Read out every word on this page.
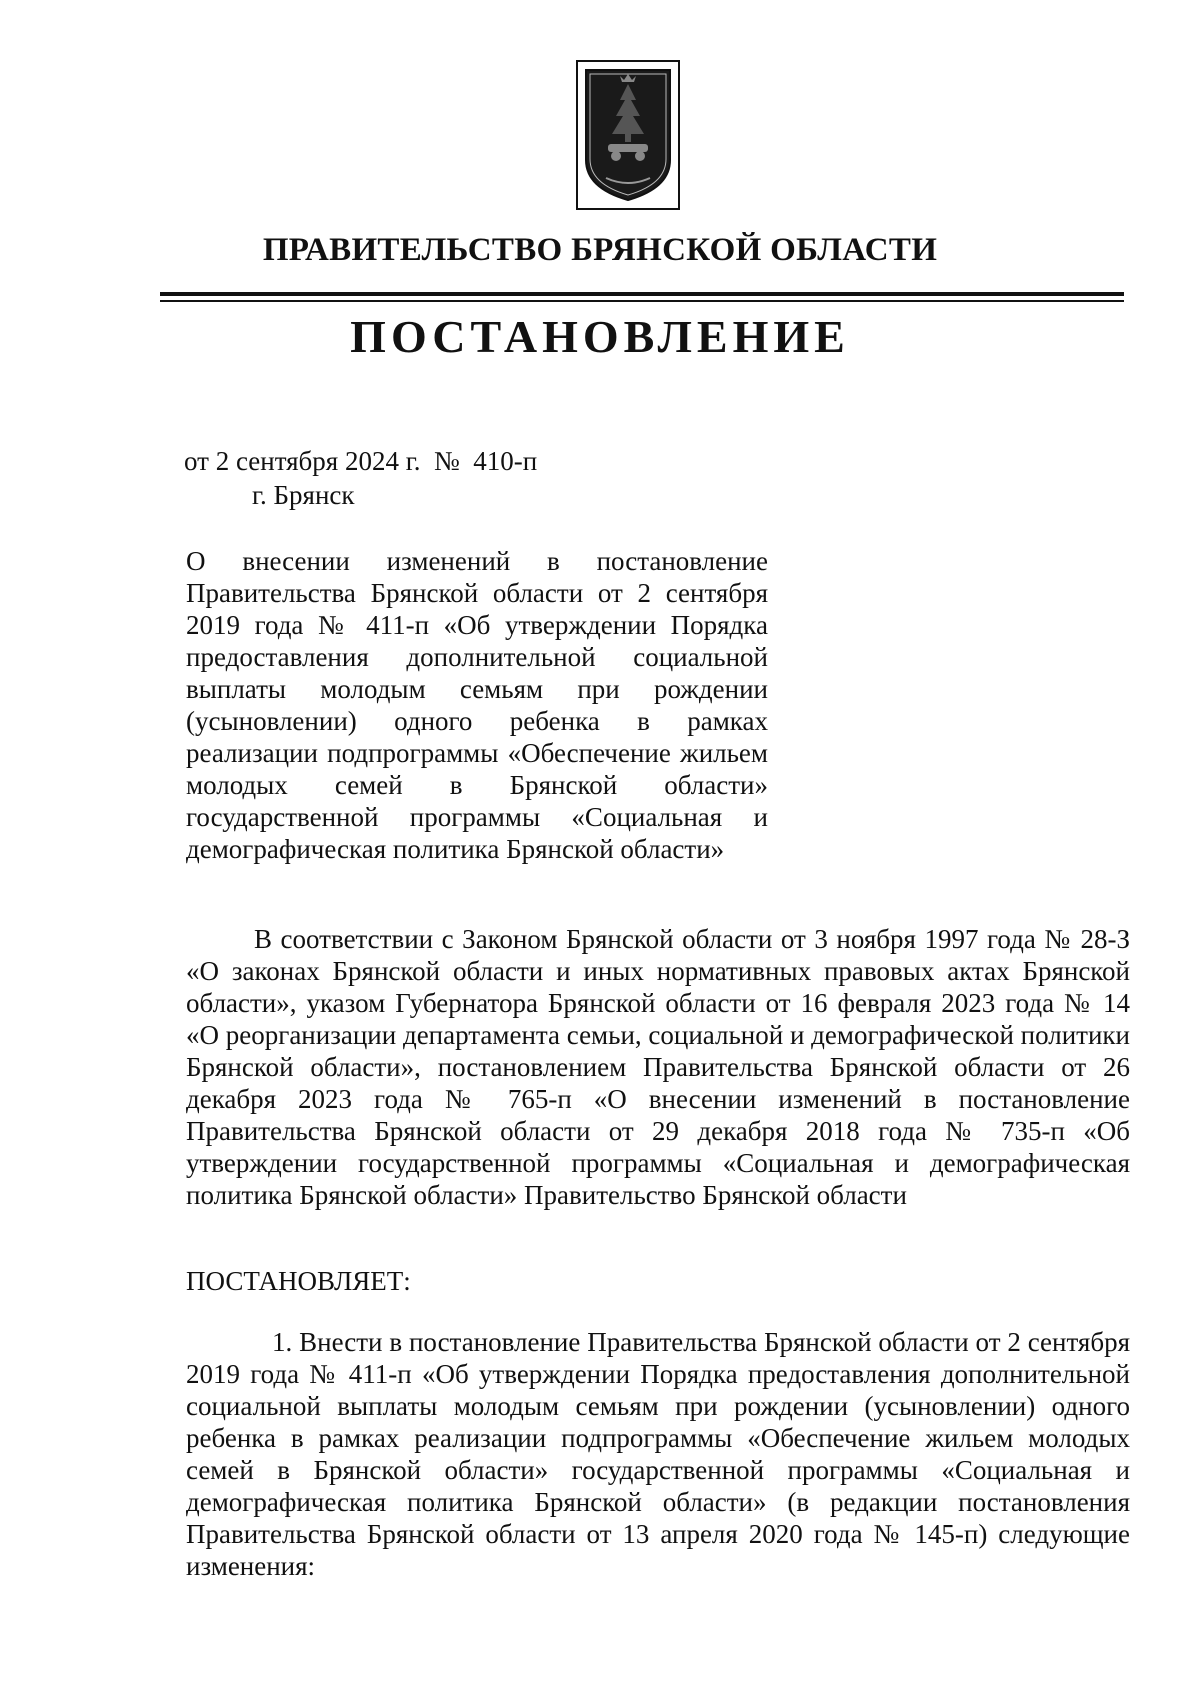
ПРАВИТЕЛЬСТВО БРЯНСКОЙ ОБЛАСТИ
ПОСТАНОВЛЕНИЕ
от 2 сентября 2024 г. № 410-п
г. Брянск
О внесении изменений в постановление Правительства Брянской области от 2 сентября 2019 года № 411-п «Об утверждении Порядка предоставления дополнительной социальной выплаты молодым семьям при рождении (усыновлении) одного ребенка в рамках реализации подпрограммы «Обеспечение жильем молодых семей в Брянской области» государственной программы «Социальная и демографическая политика Брянской области»
В соответствии с Законом Брянской области от 3 ноября 1997 года № 28-З «О законах Брянской области и иных нормативных правовых актах Брянской области», указом Губернатора Брянской области от 16 февраля 2023 года № 14 «О реорганизации департамента семьи, социальной и демографической политики Брянской области», постановлением Правительства Брянской области от 26 декабря 2023 года № 765-п «О внесении изменений в постановление Правительства Брянской области от 29 декабря 2018 года № 735-п «Об утверждении государственной программы «Социальная и демографическая политика Брянской области» Правительство Брянской области
ПОСТАНОВЛЯЕТ:
1. Внести в постановление Правительства Брянской области от 2 сентября 2019 года № 411-п «Об утверждении Порядка предоставления дополнительной социальной выплаты молодым семьям при рождении (усыновлении) одного ребенка в рамках реализации подпрограммы «Обеспечение жильем молодых семей в Брянской области» государственной программы «Социальная и демографическая политика Брянской области» (в редакции постановления Правительства Брянской области от 13 апреля 2020 года № 145-п) следующие изменения:
